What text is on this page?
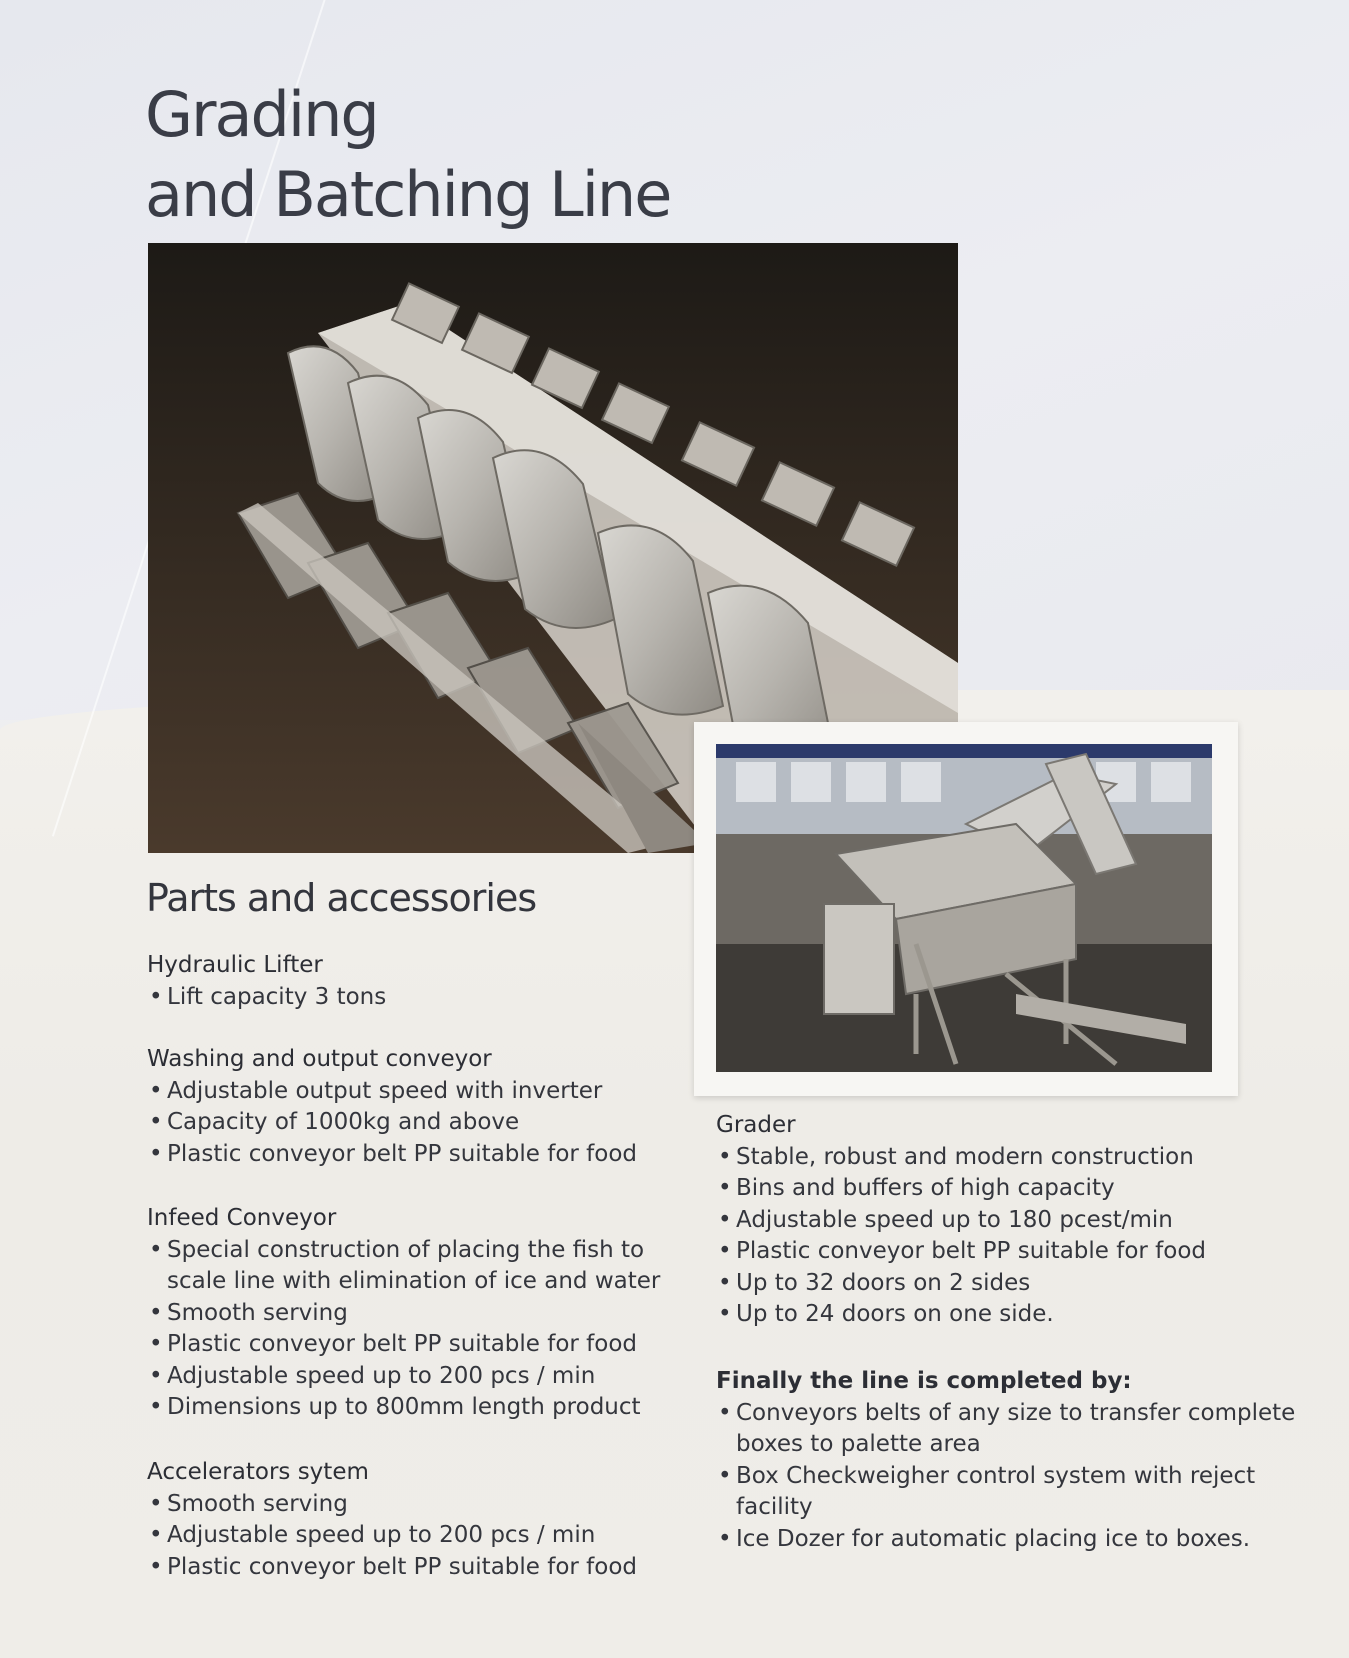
Grading
and Batching Line
Parts and accessories
Hydraulic Lifter
• Lift capacity 3 tons
Washing and output conveyor
• Adjustable output speed with inverter
• Capacity of 1000kg and above
• Plastic conveyor belt PP suitable for food
Infeed Conveyor
• Special construction of placing the fish to scale line with elimination of ice and water
• Smooth serving
• Plastic conveyor belt PP suitable for food
• Adjustable speed up to 200 pcs / min
• Dimensions up to 800mm length product
Accelerators sytem
• Smooth serving
• Adjustable speed up to 200 pcs / min
• Plastic conveyor belt PP suitable for food
Grader
• Stable, robust and modern construction
• Bins and buffers of high capacity
• Adjustable speed up to 180 pcest/min
• Plastic conveyor belt PP suitable for food
• Up to 32 doors on 2 sides
• Up to 24 doors on one side.
Finally the line is completed by:
• Conveyors belts of any size to transfer complete boxes to palette area
• Box Checkweigher control system with reject facility
• Ice Dozer for automatic placing ice to boxes.
